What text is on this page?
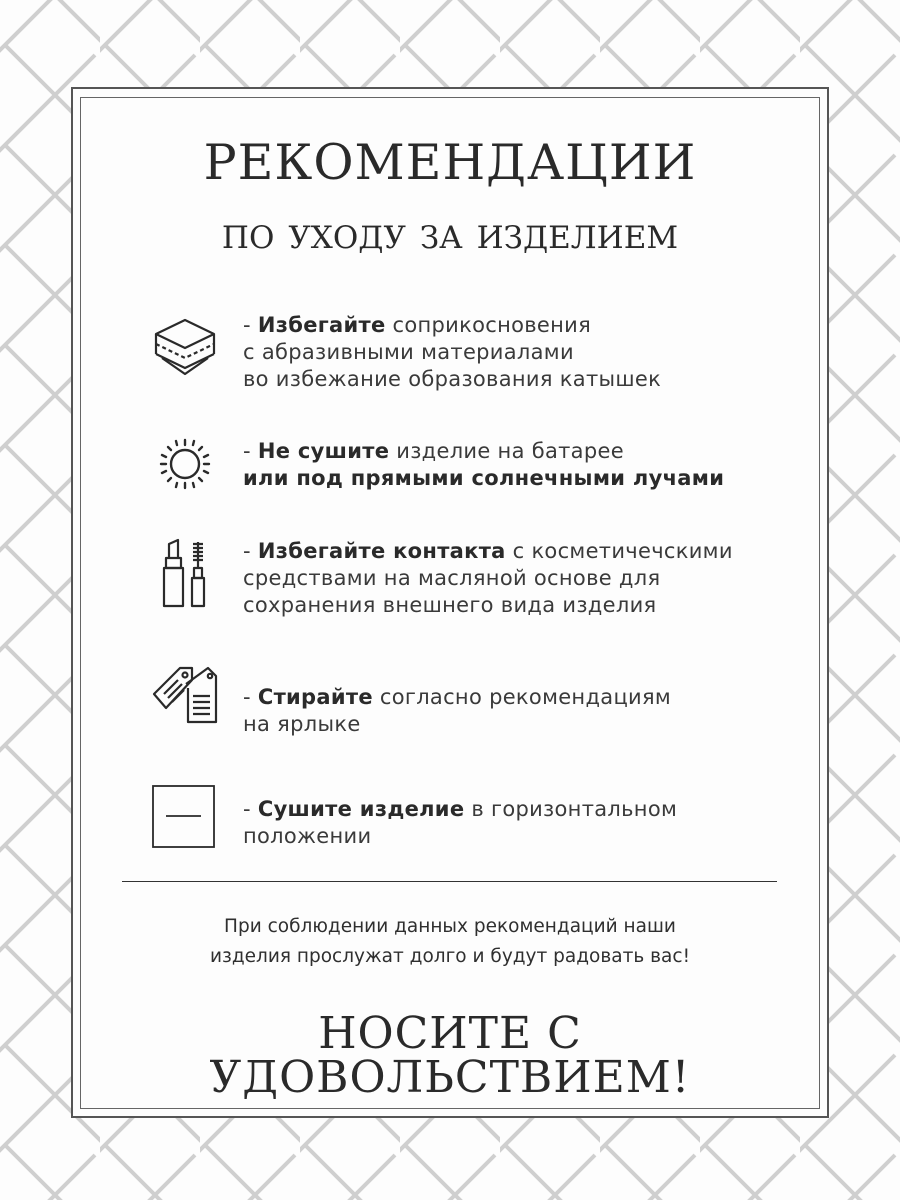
рекомендации
по уходу за изделием
- Избегайте соприкосновения
с абразивными материалами
во избежание образования катышек
- Не сушите изделие на батарее
или под прямыми солнечными лучами
- Избегайте контакта с косметичечскими
средствами на масляной основе для
сохранения внешнего вида изделия
- Стирайте согласно рекомендациям
на ярлыке
- Сушите изделие в горизонтальном
положении
При соблюдении данных рекомендаций наши
изделия прослужат долго и будут радовать вас!
НОСИТЕ С УДОВОЛЬСТВИЕМ!
